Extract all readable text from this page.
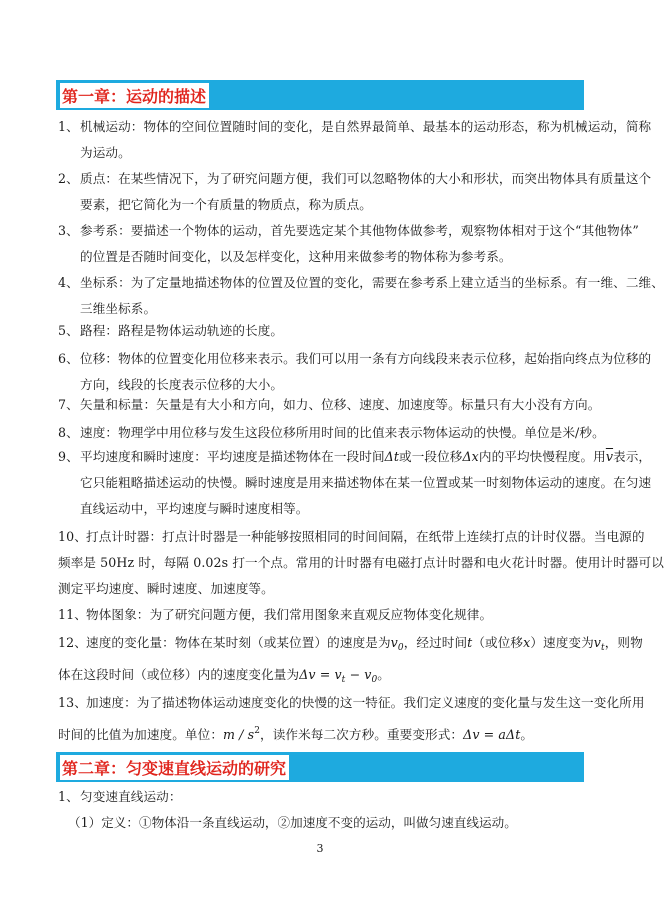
第一章：运动的描述
1、 机械运动：物体的空间位置随时间的变化，是自然界最简单、最基本的运动形态，称为机械运动，简称
为运动。
2、 质点：在某些情况下，为了研究问题方便，我们可以忽略物体的大小和形状，而突出物体具有质量这个
要素，把它简化为一个有质量的物质点，称为质点。
3、 参考系：要描述一个物体的运动，首先要选定某个其他物体做参考，观察物体相对于这个“其他物体”
的位置是否随时间变化，以及怎样变化，这种用来做参考的物体称为参考系。
4、 坐标系：为了定量地描述物体的位置及位置的变化，需要在参考系上建立适当的坐标系。有一维、二维、
三维坐标系。
5、 路程：路程是物体运动轨迹的长度。
6、 位移：物体的位置变化用位移来表示。我们可以用一条有方向线段来表示位移，起始指向终点为位移的
方向，线段的长度表示位移的大小。
7、 矢量和标量：矢量是有大小和方向，如力、位移、速度、加速度等。标量只有大小没有方向。
8、 速度：物理学中用位移与发生这段位移所用时间的比值来表示物体运动的快慢。单位是米/秒。
9、 平均速度和瞬时速度：平均速度是描述物体在一段时间Δt或一段位移Δx内的平均快慢程度。用$\overline{v}$表示，
它只能粗略描述运动的快慢。瞬时速度是用来描述物体在某一位置或某一时刻物体运动的速度。在匀速
直线运动中，平均速度与瞬时速度相等。
10、 打点计时器：打点计时器是一种能够按照相同的时间间隔，在纸带上连续打点的计时仪器。当电源的
频率是 50Hz 时，每隔 0.02s 打一个点。常用的计时器有电磁打点计时器和电火花计时器。使用计时器可以
测定平均速度、瞬时速度、加速度等。
11、 物体图象：为了研究问题方便，我们常用图象来直观反应物体变化规律。
12、 速度的变化量：物体在某时刻（或某位置）的速度是为$v_0$，经过时间t（或位移x）速度变为$v_t$，则物
体在这段时间（或位移）内的速度变化量为$\Delta v = v_t - v_0$。
13、 加速度：为了描述物体运动速度变化的快慢的这一特征。我们定义速度的变化量与发生这一变化所用
时间的比值为加速度。单位：m / $s^2$，读作米每二次方秒。重要变形式：Δv = aΔt。
第二章：匀变速直线运动的研究
1、 匀变速直线运动：
（1）定义：①物体沿一条直线运动，②加速度不变的运动，叫做匀速直线运动。
3
